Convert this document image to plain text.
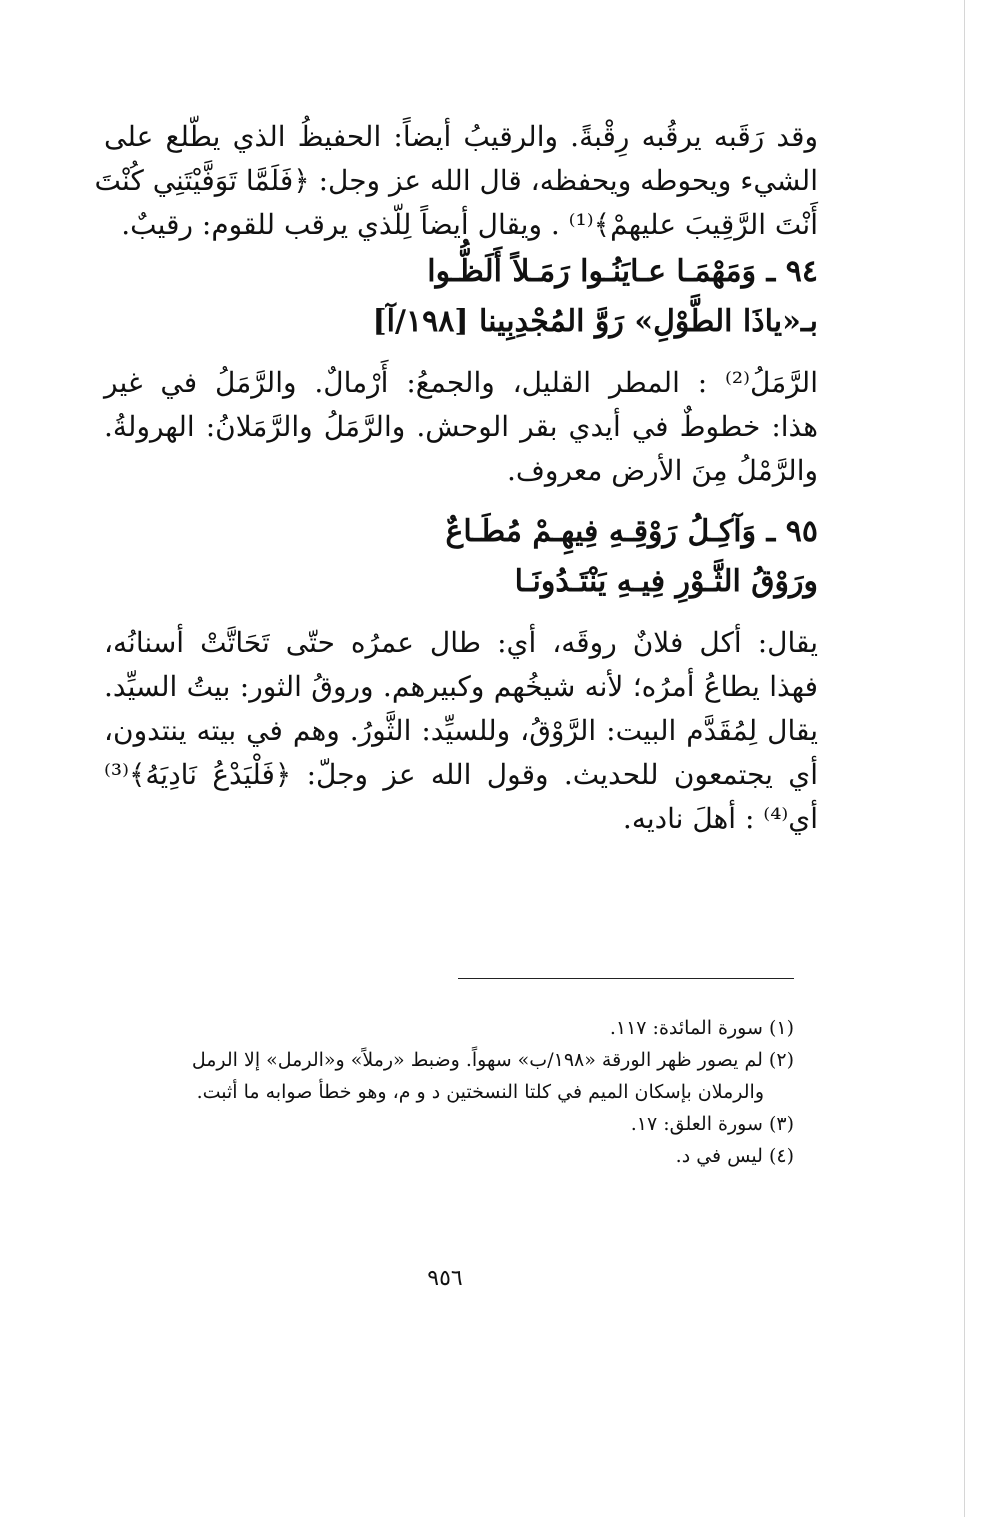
وقد رَقَبه يرقُبه رِقْبةً. والرقيبُ أيضاً: الحفيظُ الذي يطّلع على
الشيء ويحوطه ويحفظه، قال الله عز وجل: ﴿فَلَمَّا تَوَفَّيْتَنِي كُنْتَ
أَنْتَ الرَّقِيبَ عليهمْ﴾⁽¹⁾ . ويقال أيضاً لِلّذي يرقب للقوم: رقيبٌ.
٩٤ ـ وَمَهْمَـا عـايَنُـوا رَمَـلاً أَلَظُّـوا
بـ«ياذَا الطَّوْلِ» رَوَّ المُجْدِبِينا [١٩٨/آ]
الرَّمَلُ⁽²⁾ : المطر القليل، والجمعُ: أَرْمالٌ. والرَّمَلُ في غير
هذا: خطوطٌ في أيدي بقر الوحش. والرَّمَلُ والرَّمَلانُ: الهرولةُ.
والرَّمْلُ مِنَ الأرض معروف.
٩٥ ـ وَآكِـلُ رَوْقِـهِ فِيهِـمْ مُطَـاعٌ
ورَوْقُ الثَّـوْرِ فِيـهِ يَنْتَـدُونَـا
يقال: أكل فلانٌ روقَه، أي: طال عمرُه حتّى تَحَاتَّتْ أسنانُه،
فهذا يطاعُ أمرُه؛ لأنه شيخُهم وكبيرهم. وروقُ الثور: بيتُ السيِّد.
يقال لِمُقَدَّم البيت: الرَّوْقُ، وللسيِّد: الثَّورُ. وهم في بيته ينتدون،
أي يجتمعون للحديث. وقول الله عز وجلّ: ﴿فَلْيَدْعُ نَادِيَهُ﴾⁽³⁾
أي⁽⁴⁾ : أهلَ ناديه.
(١) سورة المائدة: ١١٧.
(٢) لم يصور ظهر الورقة «١٩٨/ب» سهواً. وضبط «رملاً» و«الرمل» إلا الرمل
والرملان بإسكان الميم في كلتا النسختين د و م، وهو خطأ صوابه ما أثبت.
(٣) سورة العلق: ١٧.
(٤) ليس في د.
٩٥٦
